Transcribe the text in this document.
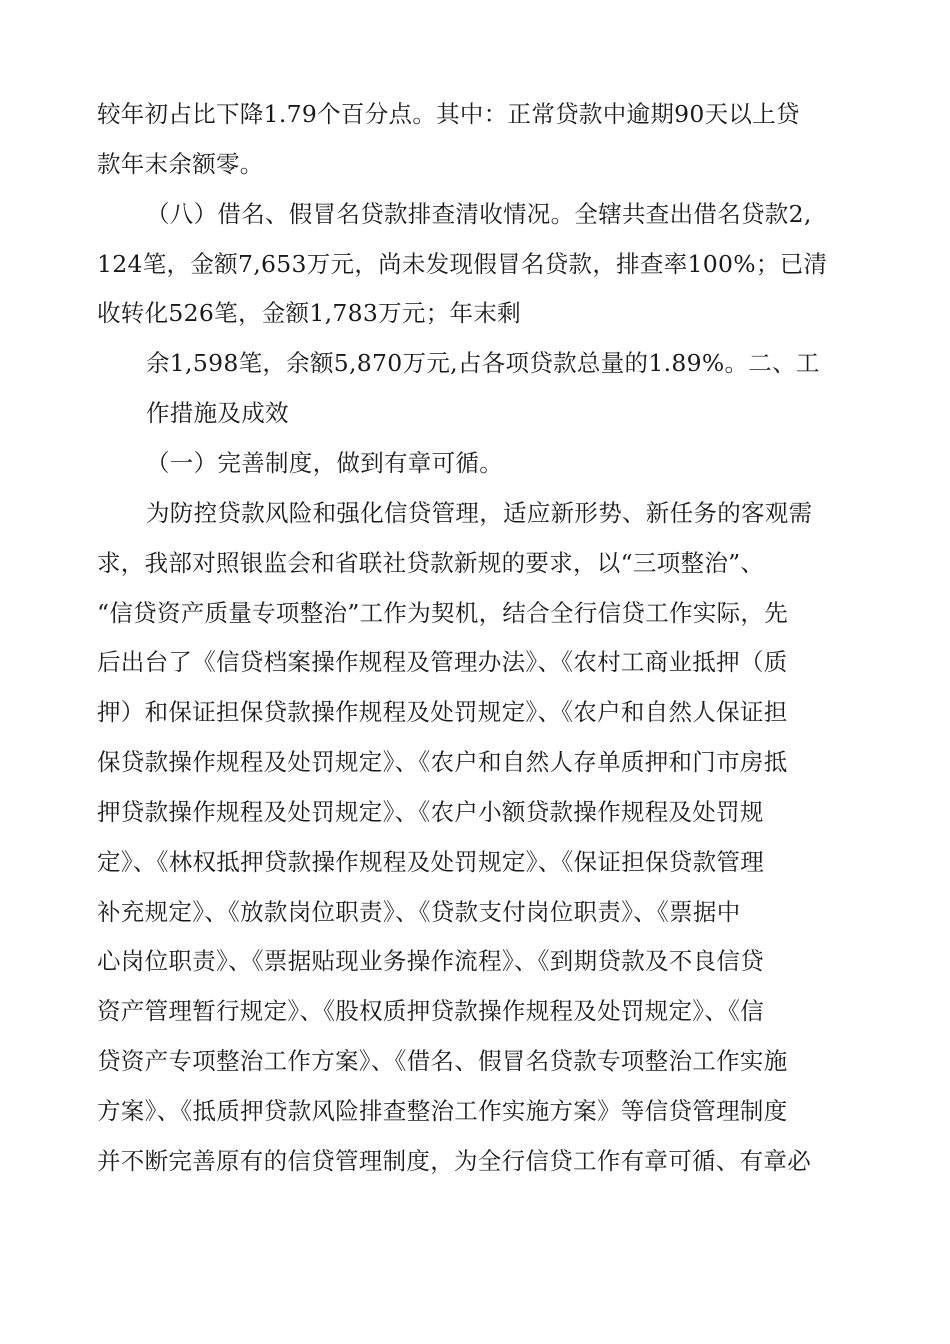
较年初占比下降1.79个百分点。其中：正常贷款中逾期90天以上贷

款年末余额零。

（八）借名、假冒名贷款排查清收情况。全辖共查出借名贷款2,

124笔，金额7,653万元，尚未发现假冒名贷款，排查率100%；已清

收转化526笔，金额1,783万元；年末剩

余1,598笔，余额5,870万元,占各项贷款总量的1.89%。二、工

作措施及成效

（一）完善制度，做到有章可循。

为防控贷款风险和强化信贷管理，适应新形势、新任务的客观需

求，我部对照银监会和省联社贷款新规的要求，以“三项整治”、

“信贷资产质量专项整治”工作为契机，结合全行信贷工作实际，先

后出台了《信贷档案操作规程及管理办法》、《农村工商业抵押（质

押）和保证担保贷款操作规程及处罚规定》、《农户和自然人保证担

保贷款操作规程及处罚规定》、《农户和自然人存单质押和门市房抵

押贷款操作规程及处罚规定》、《农户小额贷款操作规程及处罚规

定》、《林权抵押贷款操作规程及处罚规定》、《保证担保贷款管理

补充规定》、《放款岗位职责》、《贷款支付岗位职责》、《票据中

心岗位职责》、《票据贴现业务操作流程》、《到期贷款及不良信贷

资产管理暂行规定》、《股权质押贷款操作规程及处罚规定》、《信

贷资产专项整治工作方案》、《借名、假冒名贷款专项整治工作实施

方案》、《抵质押贷款风险排查整治工作实施方案》等信贷管理制度

并不断完善原有的信贷管理制度，为全行信贷工作有章可循、有章必
